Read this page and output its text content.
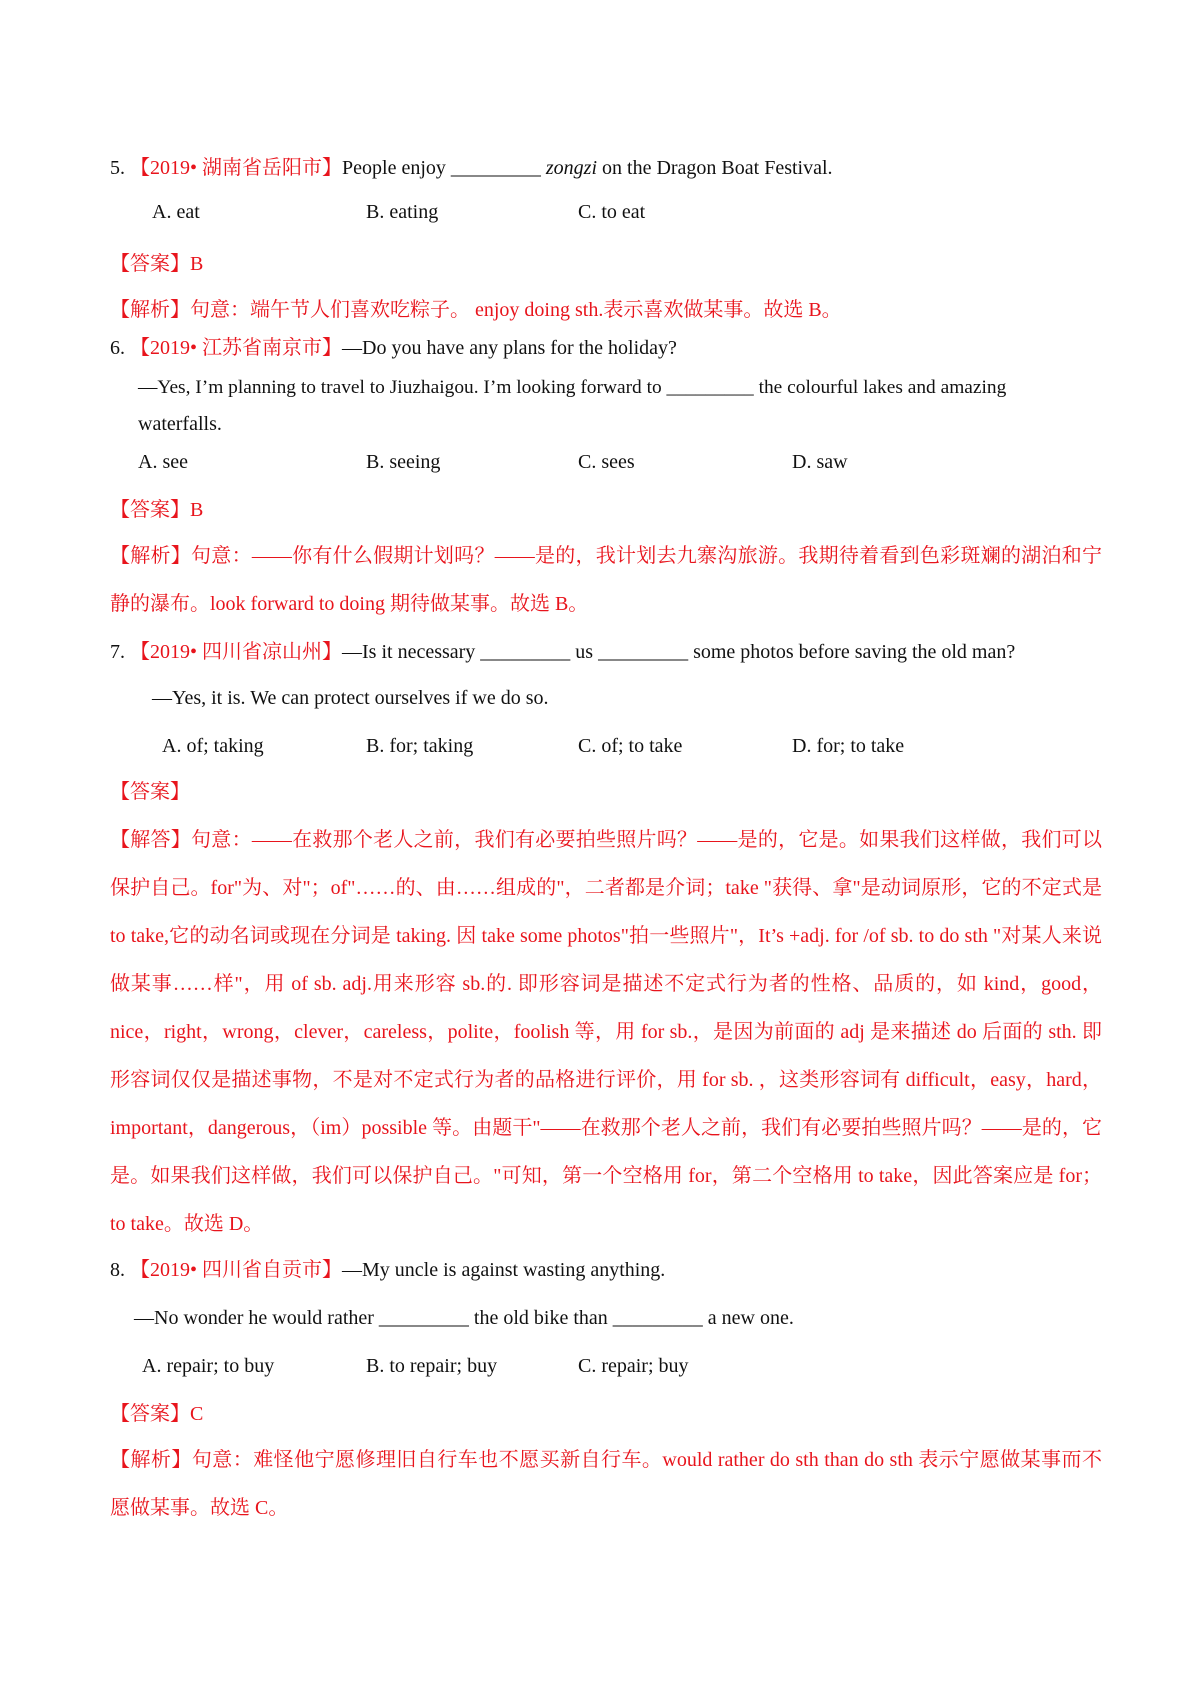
5. 【2019• 湖南省岳阳市】People enjoy _________ zongzi on the Dragon Boat Festival.
A. eat	B. eating	C. to eat
【答案】B
【解析】句意：端午节人们喜欢吃粽子。 enjoy doing sth.表示喜欢做某事。故选 B。
6. 【2019• 江苏省南京市】—Do you have any plans for the holiday?
—Yes, I’m planning to travel to Jiuzhaigou. I’m looking forward to _________ the colourful lakes and amazing
waterfalls.
A. see	B. seeing	C. sees	D. saw
【答案】B
【解析】句意：——你有什么假期计划吗？——是的，我计划去九寨沟旅游。我期待着看到色彩斑斓的湖泊和宁静的瀑布。look forward to doing 期待做某事。故选 B。
7. 【2019• 四川省凉山州】—Is it necessary _________ us _________ some photos before saving the old man?
—Yes, it is. We can protect ourselves if we do so.
A. of; taking	B. for; taking	C. of; to take	D. for; to take
【答案】
【解答】句意：——在救那个老人之前，我们有必要拍些照片吗？——是的，它是。如果我们这样做，我们可以保护自己。for"为、对"；of"……的、由……组成的"，二者都是介词；take "获得、拿"是动词原形，它的不定式是 to take,它的动名词或现在分词是 taking. 因 take some photos"拍一些照片"，It’s +adj. for /of sb. to do sth "对某人来说做某事……样"，用 of sb. adj.用来形容 sb.的. 即形容词是描述不定式行为者的性格、品质的，如 kind，good，nice，right，wrong，clever，careless，polite，foolish 等，用 for sb.，是因为前面的 adj 是来描述 do 后面的 sth. 即形容词仅仅是描述事物，不是对不定式行为者的品格进行评价，用 for sb. ，这类形容词有 difficult，easy，hard，important，dangerous，（im）possible 等。由题干"——在救那个老人之前，我们有必要拍些照片吗？——是的，它是。如果我们这样做，我们可以保护自己。"可知，第一个空格用 for，第二个空格用 to take，因此答案应是 for；to take。故选 D。
8. 【2019• 四川省自贡市】—My uncle is against wasting anything.
—No wonder he would rather _________ the old bike than _________ a new one.
A. repair; to buy	B. to repair; buy	C. repair; buy
【答案】C
【解析】句意：难怪他宁愿修理旧自行车也不愿买新自行车。would rather do sth than do sth 表示宁愿做某事而不愿做某事。故选 C。
